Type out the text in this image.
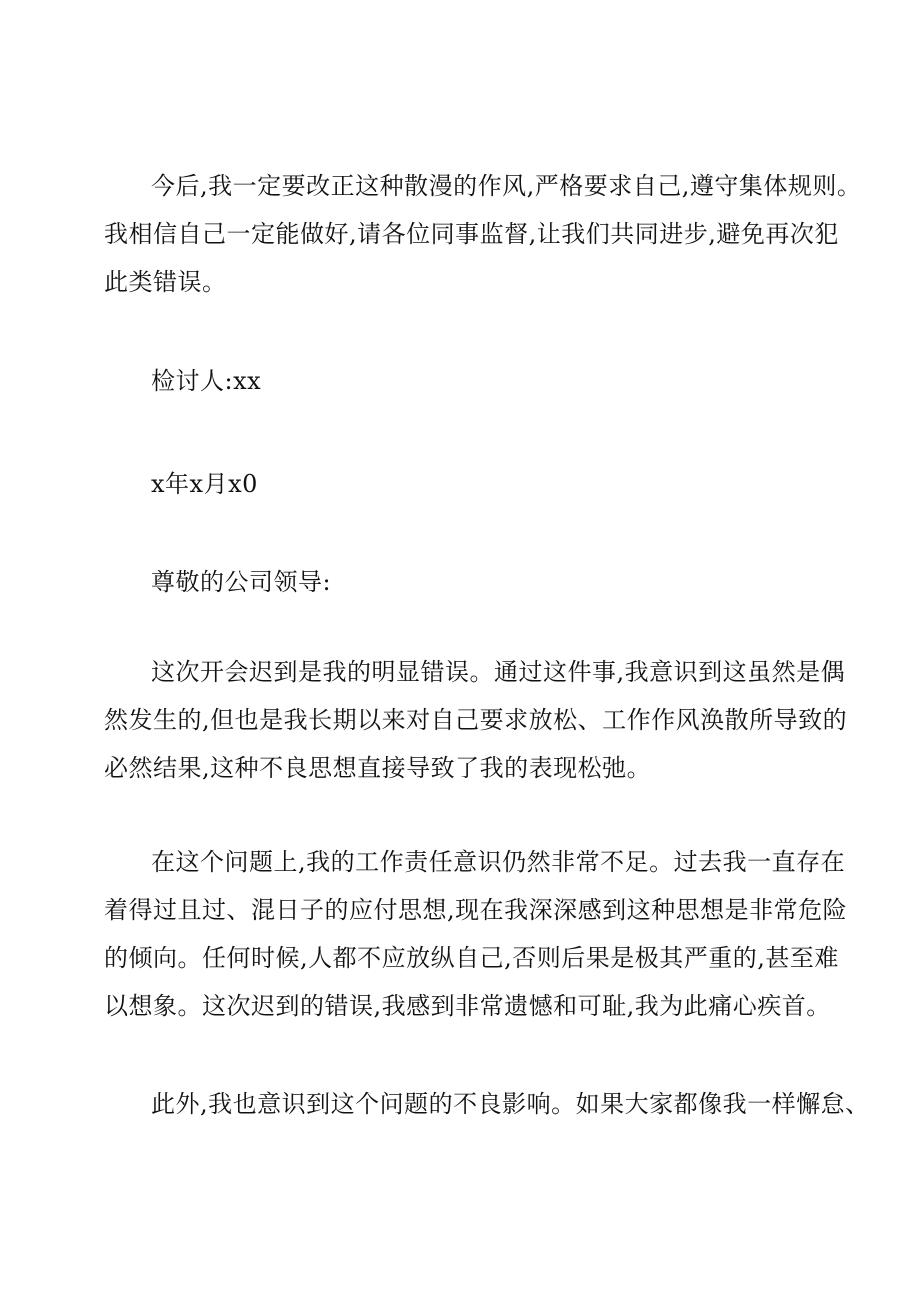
今后,我一定要改正这种散漫的作风,严格要求自己,遵守集体规则。
我相信自己一定能做好,请各位同事监督,让我们共同进步,避免再次犯
此类错误。
检讨人:xx
x年x月x0
尊敬的公司领导:
这次开会迟到是我的明显错误。通过这件事,我意识到这虽然是偶
然发生的,但也是我长期以来对自己要求放松、工作作风涣散所导致的
必然结果,这种不良思想直接导致了我的表现松弛。
在这个问题上,我的工作责任意识仍然非常不足。过去我一直存在
着得过且过、混日子的应付思想,现在我深深感到这种思想是非常危险
的倾向。任何时候,人都不应放纵自己,否则后果是极其严重的,甚至难
以想象。这次迟到的错误,我感到非常遗憾和可耻,我为此痛心疾首。
此外,我也意识到这个问题的不良影响。如果大家都像我一样懈怠、
